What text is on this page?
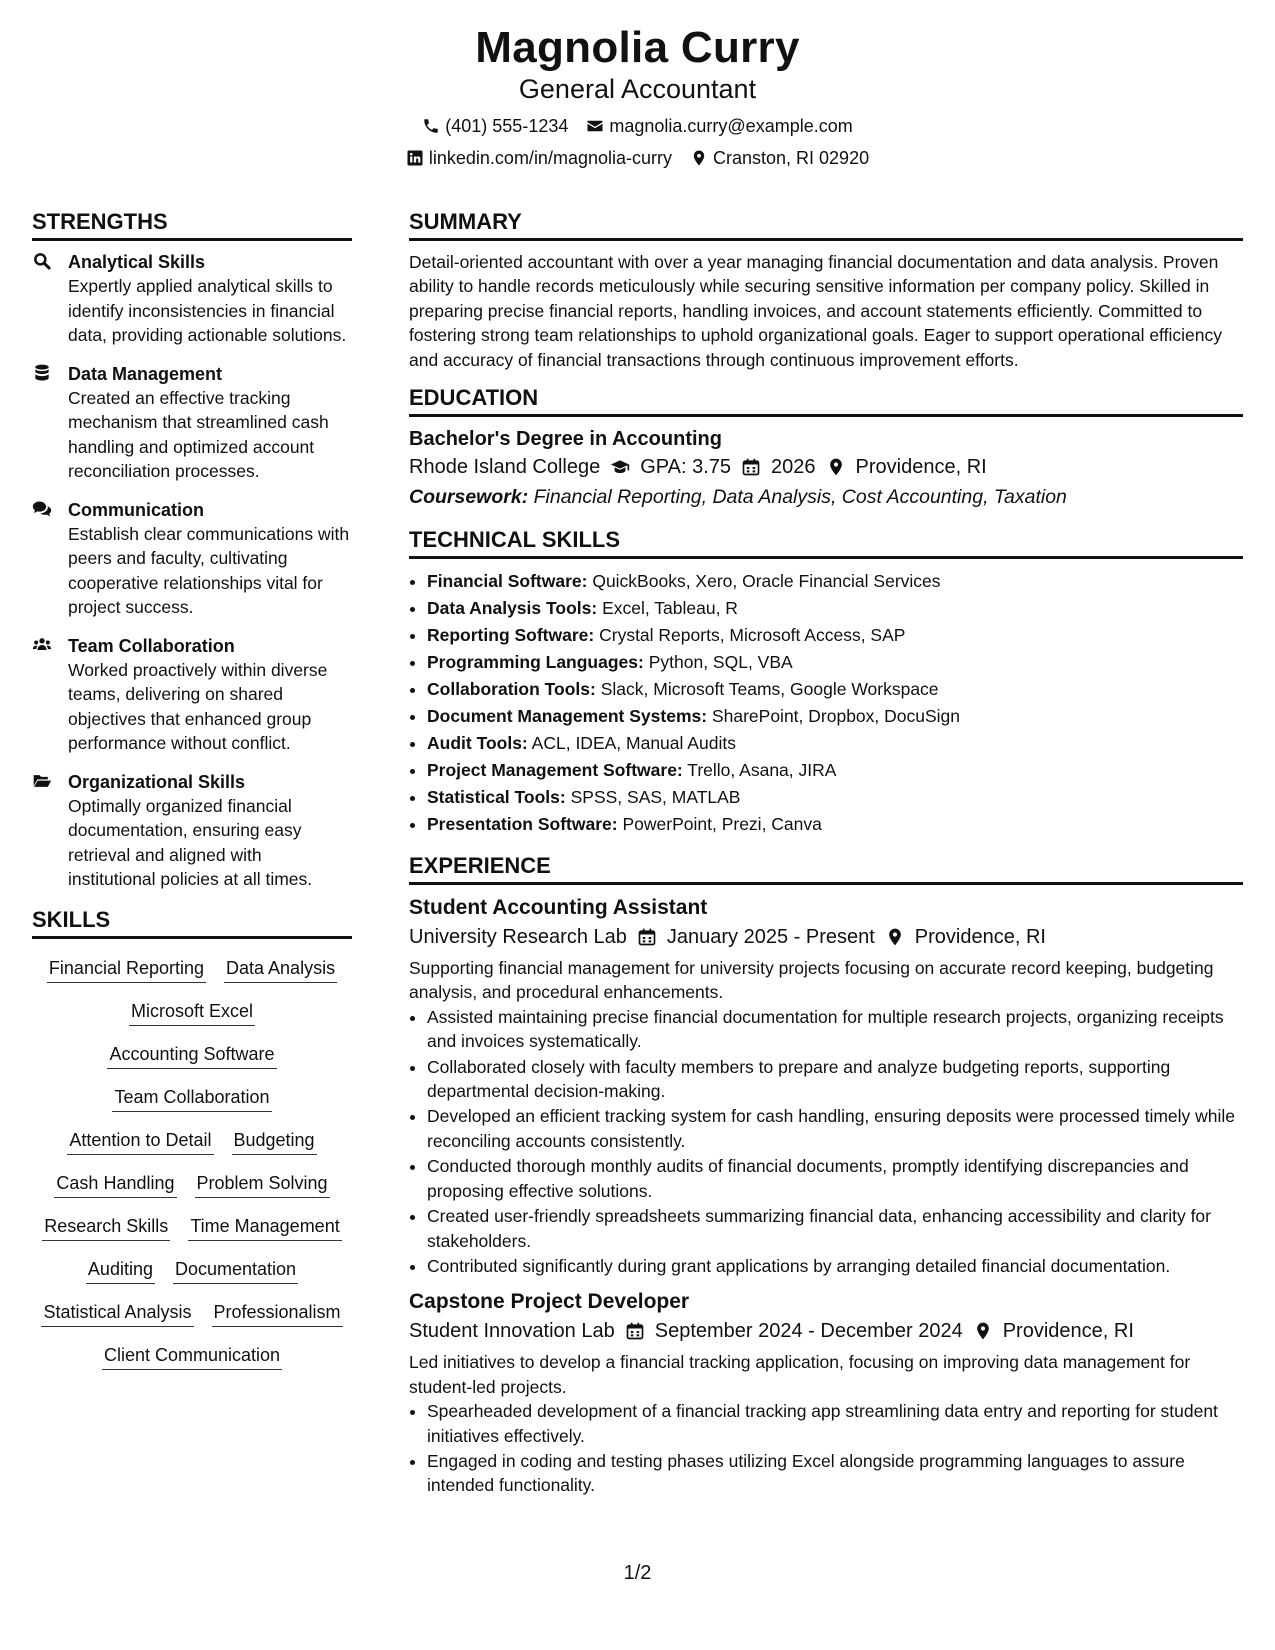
Magnolia Curry
General Accountant
(401) 555-1234 magnolia.curry@example.com
linkedin.com/in/magnolia-curry Cranston, RI 02920
STRENGTHS
Analytical Skills
Expertly applied analytical skills to identify inconsistencies in financial data, providing actionable solutions.
Data Management
Created an effective tracking mechanism that streamlined cash handling and optimized account reconciliation processes.
Communication
Establish clear communications with peers and faculty, cultivating cooperative relationships vital for project success.
Team Collaboration
Worked proactively within diverse teams, delivering on shared objectives that enhanced group performance without conflict.
Organizational Skills
Optimally organized financial documentation, ensuring easy retrieval and aligned with institutional policies at all times.
SKILLS
Financial Reporting Data Analysis
Microsoft Excel
Accounting Software
Team Collaboration
Attention to Detail Budgeting
Cash Handling Problem Solving
Research Skills Time Management
Auditing Documentation
Statistical Analysis Professionalism
Client Communication
SUMMARY
Detail-oriented accountant with over a year managing financial documentation and data analysis. Proven ability to handle records meticulously while securing sensitive information per company policy. Skilled in preparing precise financial reports, handling invoices, and account statements efficiently. Committed to fostering strong team relationships to uphold organizational goals. Eager to support operational efficiency and accuracy of financial transactions through continuous improvement efforts.
EDUCATION
Bachelor's Degree in Accounting
Rhode Island College GPA: 3.75 2026 Providence, RI
Coursework: Financial Reporting, Data Analysis, Cost Accounting, Taxation
TECHNICAL SKILLS
• Financial Software: QuickBooks, Xero, Oracle Financial Services
• Data Analysis Tools: Excel, Tableau, R
• Reporting Software: Crystal Reports, Microsoft Access, SAP
• Programming Languages: Python, SQL, VBA
• Collaboration Tools: Slack, Microsoft Teams, Google Workspace
• Document Management Systems: SharePoint, Dropbox, DocuSign
• Audit Tools: ACL, IDEA, Manual Audits
• Project Management Software: Trello, Asana, JIRA
• Statistical Tools: SPSS, SAS, MATLAB
• Presentation Software: PowerPoint, Prezi, Canva
EXPERIENCE
Student Accounting Assistant
University Research Lab January 2025 - Present Providence, RI
Supporting financial management for university projects focusing on accurate record keeping, budgeting analysis, and procedural enhancements.
• Assisted maintaining precise financial documentation for multiple research projects, organizing receipts and invoices systematically.
• Collaborated closely with faculty members to prepare and analyze budgeting reports, supporting departmental decision-making.
• Developed an efficient tracking system for cash handling, ensuring deposits were processed timely while reconciling accounts consistently.
• Conducted thorough monthly audits of financial documents, promptly identifying discrepancies and proposing effective solutions.
• Created user-friendly spreadsheets summarizing financial data, enhancing accessibility and clarity for stakeholders.
• Contributed significantly during grant applications by arranging detailed financial documentation.
Capstone Project Developer
Student Innovation Lab September 2024 - December 2024 Providence, RI
Led initiatives to develop a financial tracking application, focusing on improving data management for student-led projects.
• Spearheaded development of a financial tracking app streamlining data entry and reporting for student initiatives effectively.
• Engaged in coding and testing phases utilizing Excel alongside programming languages to assure intended functionality.
1/2
